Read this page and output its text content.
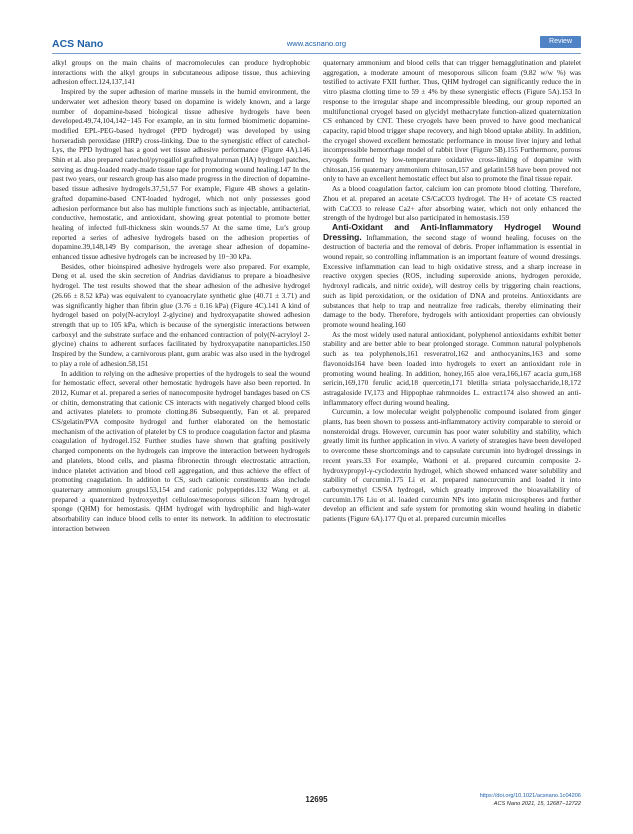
ACS Nano	www.acsnano.org	Review

alkyl groups on the main chains of macromolecules can produce hydrophobic interactions with the alkyl groups in subcutaneous adipose tissue, thus achieving adhesion effect.124,137,141

Inspired by the super adhesion of marine mussels in the humid environment, the underwater wet adhesion theory based on dopamine is widely known, and a large number of dopamine-based biological tissue adhesive hydrogels have been developed.49,74,104,142−145 For example, an in situ formed biomimetic dopamine-modified EPL-PEG-based hydrogel (PPD hydrogel) was developed by using horseradish peroxidase (HRP) cross-linking. Due to the synergistic effect of catechol-Lys, the PPD hydrogel has a good wet tissue adhesive performance (Figure 4A).146 Shin et al. also prepared catechol/pyrogallol grafted hyaluronan (HA) hydrogel patches, serving as drug-loaded ready-made tissue tape for promoting wound healing.147 In the past two years, our research group has also made progress in the direction of dopamine-based tissue adhesive hydrogels.37,51,57 For example, Figure 4B shows a gelatin-grafted dopamine-based CNT-loaded hydrogel, which not only possesses good adhesion performance but also has multiple functions such as injectable, antibacterial, conductive, hemostatic, and antioxidant, showing great potential to promote better healing of infected full-thickness skin wounds.57 At the same time, Lu’s group reported a series of adhesive hydrogels based on the adhesion properties of dopamine.39,148,149 By comparison, the average shear adhesion of dopamine-enhanced tissue adhesive hydrogels can be increased by 10−30 kPa.

Besides, other bioinspired adhesive hydrogels were also prepared. For example, Deng et al. used the skin secretion of Andrias davidianus to prepare a bioadhesive hydrogel. The test results showed that the shear adhesion of the adhesive hydrogel (26.66 ± 8.52 kPa) was equivalent to cyanoacrylate synthetic glue (40.71 ± 3.71) and was significantly higher than fibrin glue (3.76 ± 0.16 kPa) (Figure 4C).141 A kind of hydrogel based on poly(N-acryloyl 2-glycine) and hydroxyapatite showed adhesion strength that up to 105 kPa, which is because of the synergistic interactions between carboxyl and the substrate surface and the enhanced contraction of poly(N-acryloyl 2-glycine) chains to adherent surfaces facilitated by hydroxyapatite nanoparticles.150 Inspired by the Sundew, a carnivorous plant, gum arabic was also used in the hydrogel to play a role of adhesion.58,151

In addition to relying on the adhesive properties of the hydrogels to seal the wound for hemostatic effect, several other hemostatic hydrogels have also been reported. In 2012, Kumar et al. prepared a series of nanocomposite hydrogel bandages based on CS or chitin, demonstrating that cationic CS interacts with negatively charged blood cells and activates platelets to promote clotting.86 Subsequently, Fan et al. prepared CS/gelatin/PVA composite hydrogel and further elaborated on the hemostatic mechanism of the activation of platelet by CS to produce coagulation factor and plasma coagulation of hydrogel.152 Further studies have shown that grafting positively charged components on the hydrogels can improve the interaction between hydrogels and platelets, blood cells, and plasma fibronectin through electrostatic attraction, induce platelet activation and blood cell aggregation, and thus achieve the effect of promoting coagulation. In addition to CS, such cationic constituents also include quaternary ammonium groups153,154 and cationic polypeptides.132 Wang et al. prepared a quaternized hydroxyethyl cellulose/mesoporous silicon foam hydrogel sponge (QHM) for hemostasis. QHM hydrogel with hydrophilic and high-water absorbability can induce blood cells to enter its network. In addition to electrostatic interaction between

quaternary ammonium and blood cells that can trigger hemagglutination and platelet aggregation, a moderate amount of mesoporous silicon foam (9.82 w/w %) was testified to activate FXII further. Thus, QHM hydrogel can significantly reduce the in vitro plasma clotting time to 59 ± 4% by these synergistic effects (Figure 5A).153 In response to the irregular shape and incompressible bleeding, our group reported an multifunctional cryogel based on glycidyl methacrylate function-alized quaternization CS enhanced by CNT. These cryogels have been proved to have good mechanical capacity, rapid blood trigger shape recovery, and high blood uptake ability. In addition, the cryogel showed excellent hemostatic performance in mouse liver injury and lethal incompressible hemorrhage model of rabbit liver (Figure 5B).155 Furthermore, porous cryogels formed by low-temperature oxidative cross-linking of dopamine with chitosan,156 quaternary ammonium chitosan,157 and gelatin158 have been proved not only to have an excellent hemostatic effect but also to promote the final tissue repair.

As a blood coagulation factor, calcium ion can promote blood clotting. Therefore, Zhou et al. prepared an acetate CS/CaCO3 hydrogel. The H+ of acetate CS reacted with CaCO3 to release Ca2+ after absorbing water, which not only enhanced the strength of the hydrogel but also participated in hemostasis.159

Anti-Oxidant and Anti-Inflammatory Hydrogel Wound Dressing. Inflammation, the second stage of wound healing, focuses on the destruction of bacteria and the removal of debris. Proper inflammation is essential in wound repair, so controlling inflammation is an important feature of wound dressings. Excessive inflammation can lead to high oxidative stress, and a sharp increase in reactive oxygen species (ROS, including superoxide anions, hydrogen peroxide, hydroxyl radicals, and nitric oxide), will destroy cells by triggering chain reactions, such as lipid peroxidation, or the oxidation of DNA and proteins. Antioxidants are substances that help to trap and neutralize free radicals, thereby eliminating their damage to the body. Therefore, hydrogels with antioxidant properties can obviously promote wound healing.160

As the most widely used natural antioxidant, polyphenol antioxidants exhibit better stability and are better able to bear prolonged storage. Common natural polyphenols such as tea polyphenols,161 resveratrol,162 and anthocyanins,163 and some flavonoids164 have been loaded into hydrogels to exert an antioxidant role in promoting wound healing. In addition, honey,165 aloe vera,166,167 acacia gum,168 sericin,169,170 ferulic acid,18 quercetin,171 bletilla striata polysaccharide,18,172 astragaloside IV,173 and Hippophae rahmnoides L. extract174 also showed an anti-inflammatory effect during wound healing.

Curcumin, a low molecular weight polyphenolic compound isolated from ginger plants, has been shown to possess anti-inflammatory activity comparable to steroid or nonsteroidal drugs. However, curcumin has poor water solubility and stability, which greatly limit its further application in vivo. A variety of strategies have been developed to overcome these shortcomings and to capsulate curcumin into hydrogel dressings in recent years.33 For example, Wathoni et al. prepared curcumin composite 2-hydroxypropyl-γ-cyclodextrin hydrogel, which showed enhanced water solubility and stability of curcumin.175 Li et al. prepared nanocurcumin and loaded it into carboxymethyl CS/SA hydrogel, which greatly improved the bioavailability of curcumin.176 Liu et al. loaded curcumin NPs into gelatin microspheres and further develop an efficient and safe system for promoting skin wound healing in diabetic patients (Figure 6A).177 Qu et al. prepared curcumin micelles

12695	https://doi.org/10.1021/acsnano.1c04206
ACS Nano 2021, 15, 12687−12722
